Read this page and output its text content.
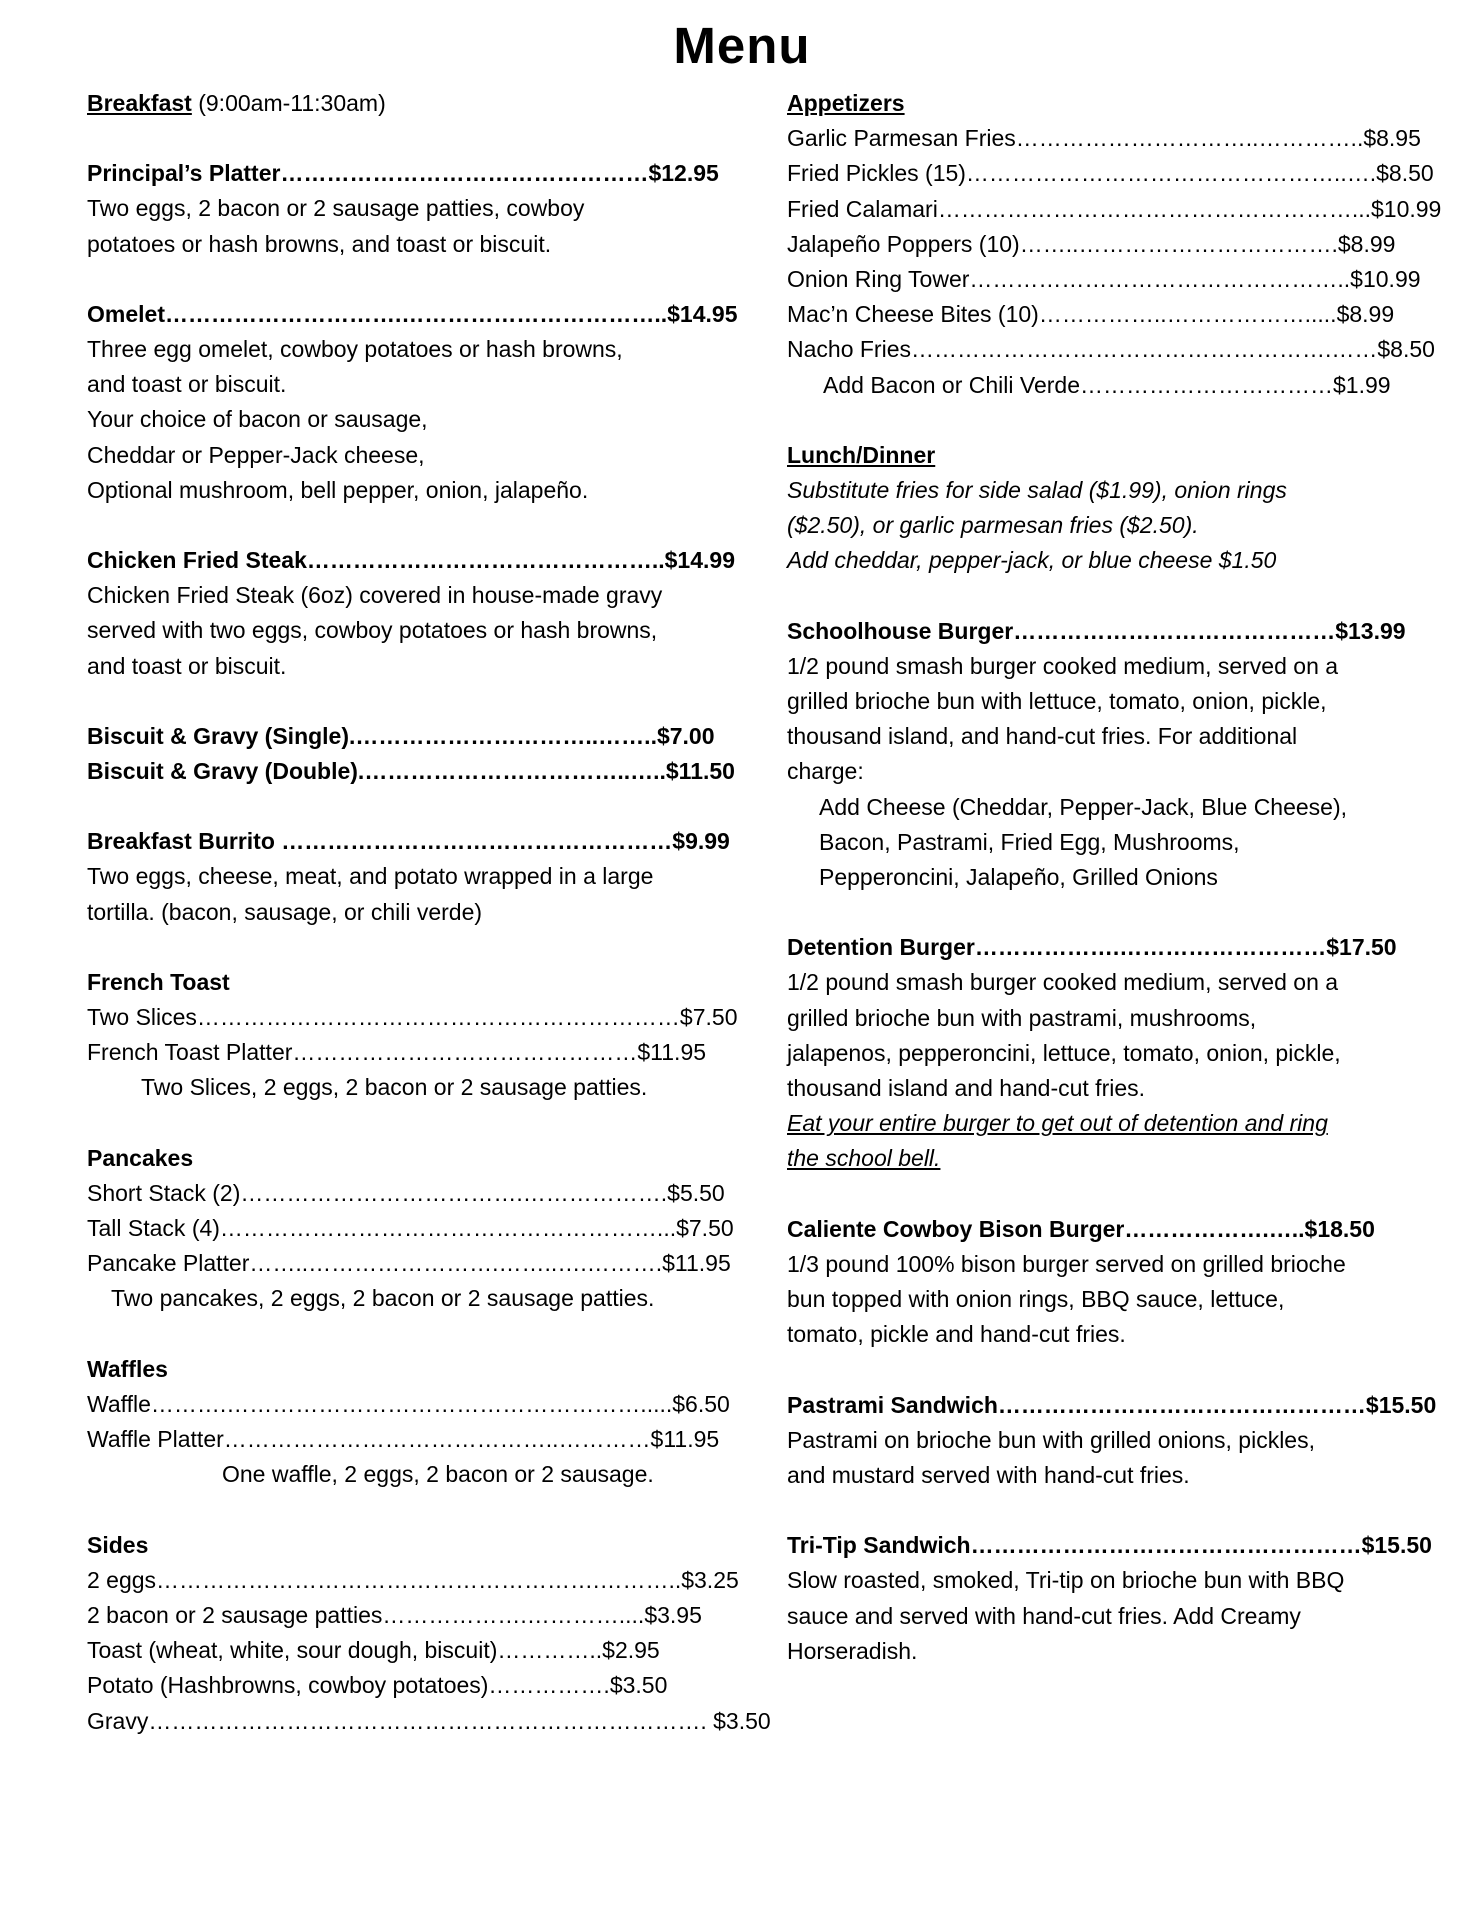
Menu
Breakfast (9:00am-11:30am)
Principal’s Platter…………………………………………$12.95
Two eggs, 2 bacon or 2 sausage patties, cowboy
potatoes or hash browns, and toast or biscuit.
Omelet………………………….……………………………..$14.95
Three egg omelet, cowboy potatoes or hash browns,
and toast or biscuit.
Your choice of bacon or sausage,
Cheddar or Pepper-Jack cheese,
Optional mushroom, bell pepper, onion, jalapeño.
Chicken Fried Steak………………………………………..$14.99
Chicken Fried Steak (6oz) covered in house-made gravy
served with two eggs, cowboy potatoes or hash browns,
and toast or biscuit.
Biscuit & Gravy (Single).…………………………..……..$7.00
Biscuit & Gravy (Double).……………………………..…..$11.50
Breakfast Burrito ……………………………………………$9.99
Two eggs, cheese, meat, and potato wrapped in a large
tortilla. (bacon, sausage, or chili verde)
French Toast
Two Slices………………………………………………………$7.50
French Toast Platter………………………………………$11.95
Two Slices, 2 eggs, 2 bacon or 2 sausage patties.
Pancakes
Short Stack (2)……………………………….……………….$5.50
Tall Stack (4)…………………………………………………...$7.50
Pancake Platter……..…………………….……..….……….$11.95
Two pancakes, 2 eggs, 2 bacon or 2 sausage patties.
Waffles
Waffle……….……………………………………………….....$6.50
Waffle Platter……………………………………..…………$11.95
One waffle, 2 eggs, 2 bacon or 2 sausage.
Sides
2 eggs………………………………………………….………..$3.25
2 bacon or 2 sausage patties……………….…………....$3.95
Toast (wheat, white, sour dough, biscuit)…………..$2.95
Potato (Hashbrowns, cowboy potatoes)…………….$3.50
Gravy………………………………………………………………. $3.50
Appetizers
Garlic Parmesan Fries…………………………..…………..$8.95
Fried Pickles (15)…………………………………………..….$8.50
Fried Calamari………………………………………………...$10.99
Jalapeño Poppers (10)……..…………………………….$8.99
Onion Ring Tower…………………………………………..$10.99
Mac’n Cheese Bites (10)……………..……………….....$8.99
Nacho Fries……………………………………………….……$8.50
Add Bacon or Chili Verde……………………………$1.99
Lunch/Dinner
Substitute fries for side salad ($1.99), onion rings
($2.50), or garlic parmesan fries ($2.50).
Add cheddar, pepper-jack, or blue cheese $1.50
Schoolhouse Burger……………………………………$13.99
1/2 pound smash burger cooked medium, served on a
grilled brioche bun with lettuce, tomato, onion, pickle,
thousand island, and hand-cut fries. For additional
charge:
Add Cheese (Cheddar, Pepper-Jack, Blue Cheese),
Bacon, Pastrami, Fried Egg, Mushrooms,
Pepperoncini, Jalapeño, Grilled Onions
Detention Burger……………….………………………$17.50
1/2 pound smash burger cooked medium, served on a
grilled brioche bun with pastrami, mushrooms,
jalapenos, pepperoncini, lettuce, tomato, onion, pickle,
thousand island and hand-cut fries.
Eat your entire burger to get out of detention and ring
the school bell.
Caliente Cowboy Bison Burger……………….…..$18.50
1/3 pound 100% bison burger served on grilled brioche
bun topped with onion rings, BBQ sauce, lettuce,
tomato, pickle and hand-cut fries.
Pastrami Sandwich…………………………………………$15.50
Pastrami on brioche bun with grilled onions, pickles,
and mustard served with hand-cut fries.
Tri-Tip Sandwich……………………………………………$15.50
Slow roasted, smoked, Tri-tip on brioche bun with BBQ
sauce and served with hand-cut fries. Add Creamy
Horseradish.
